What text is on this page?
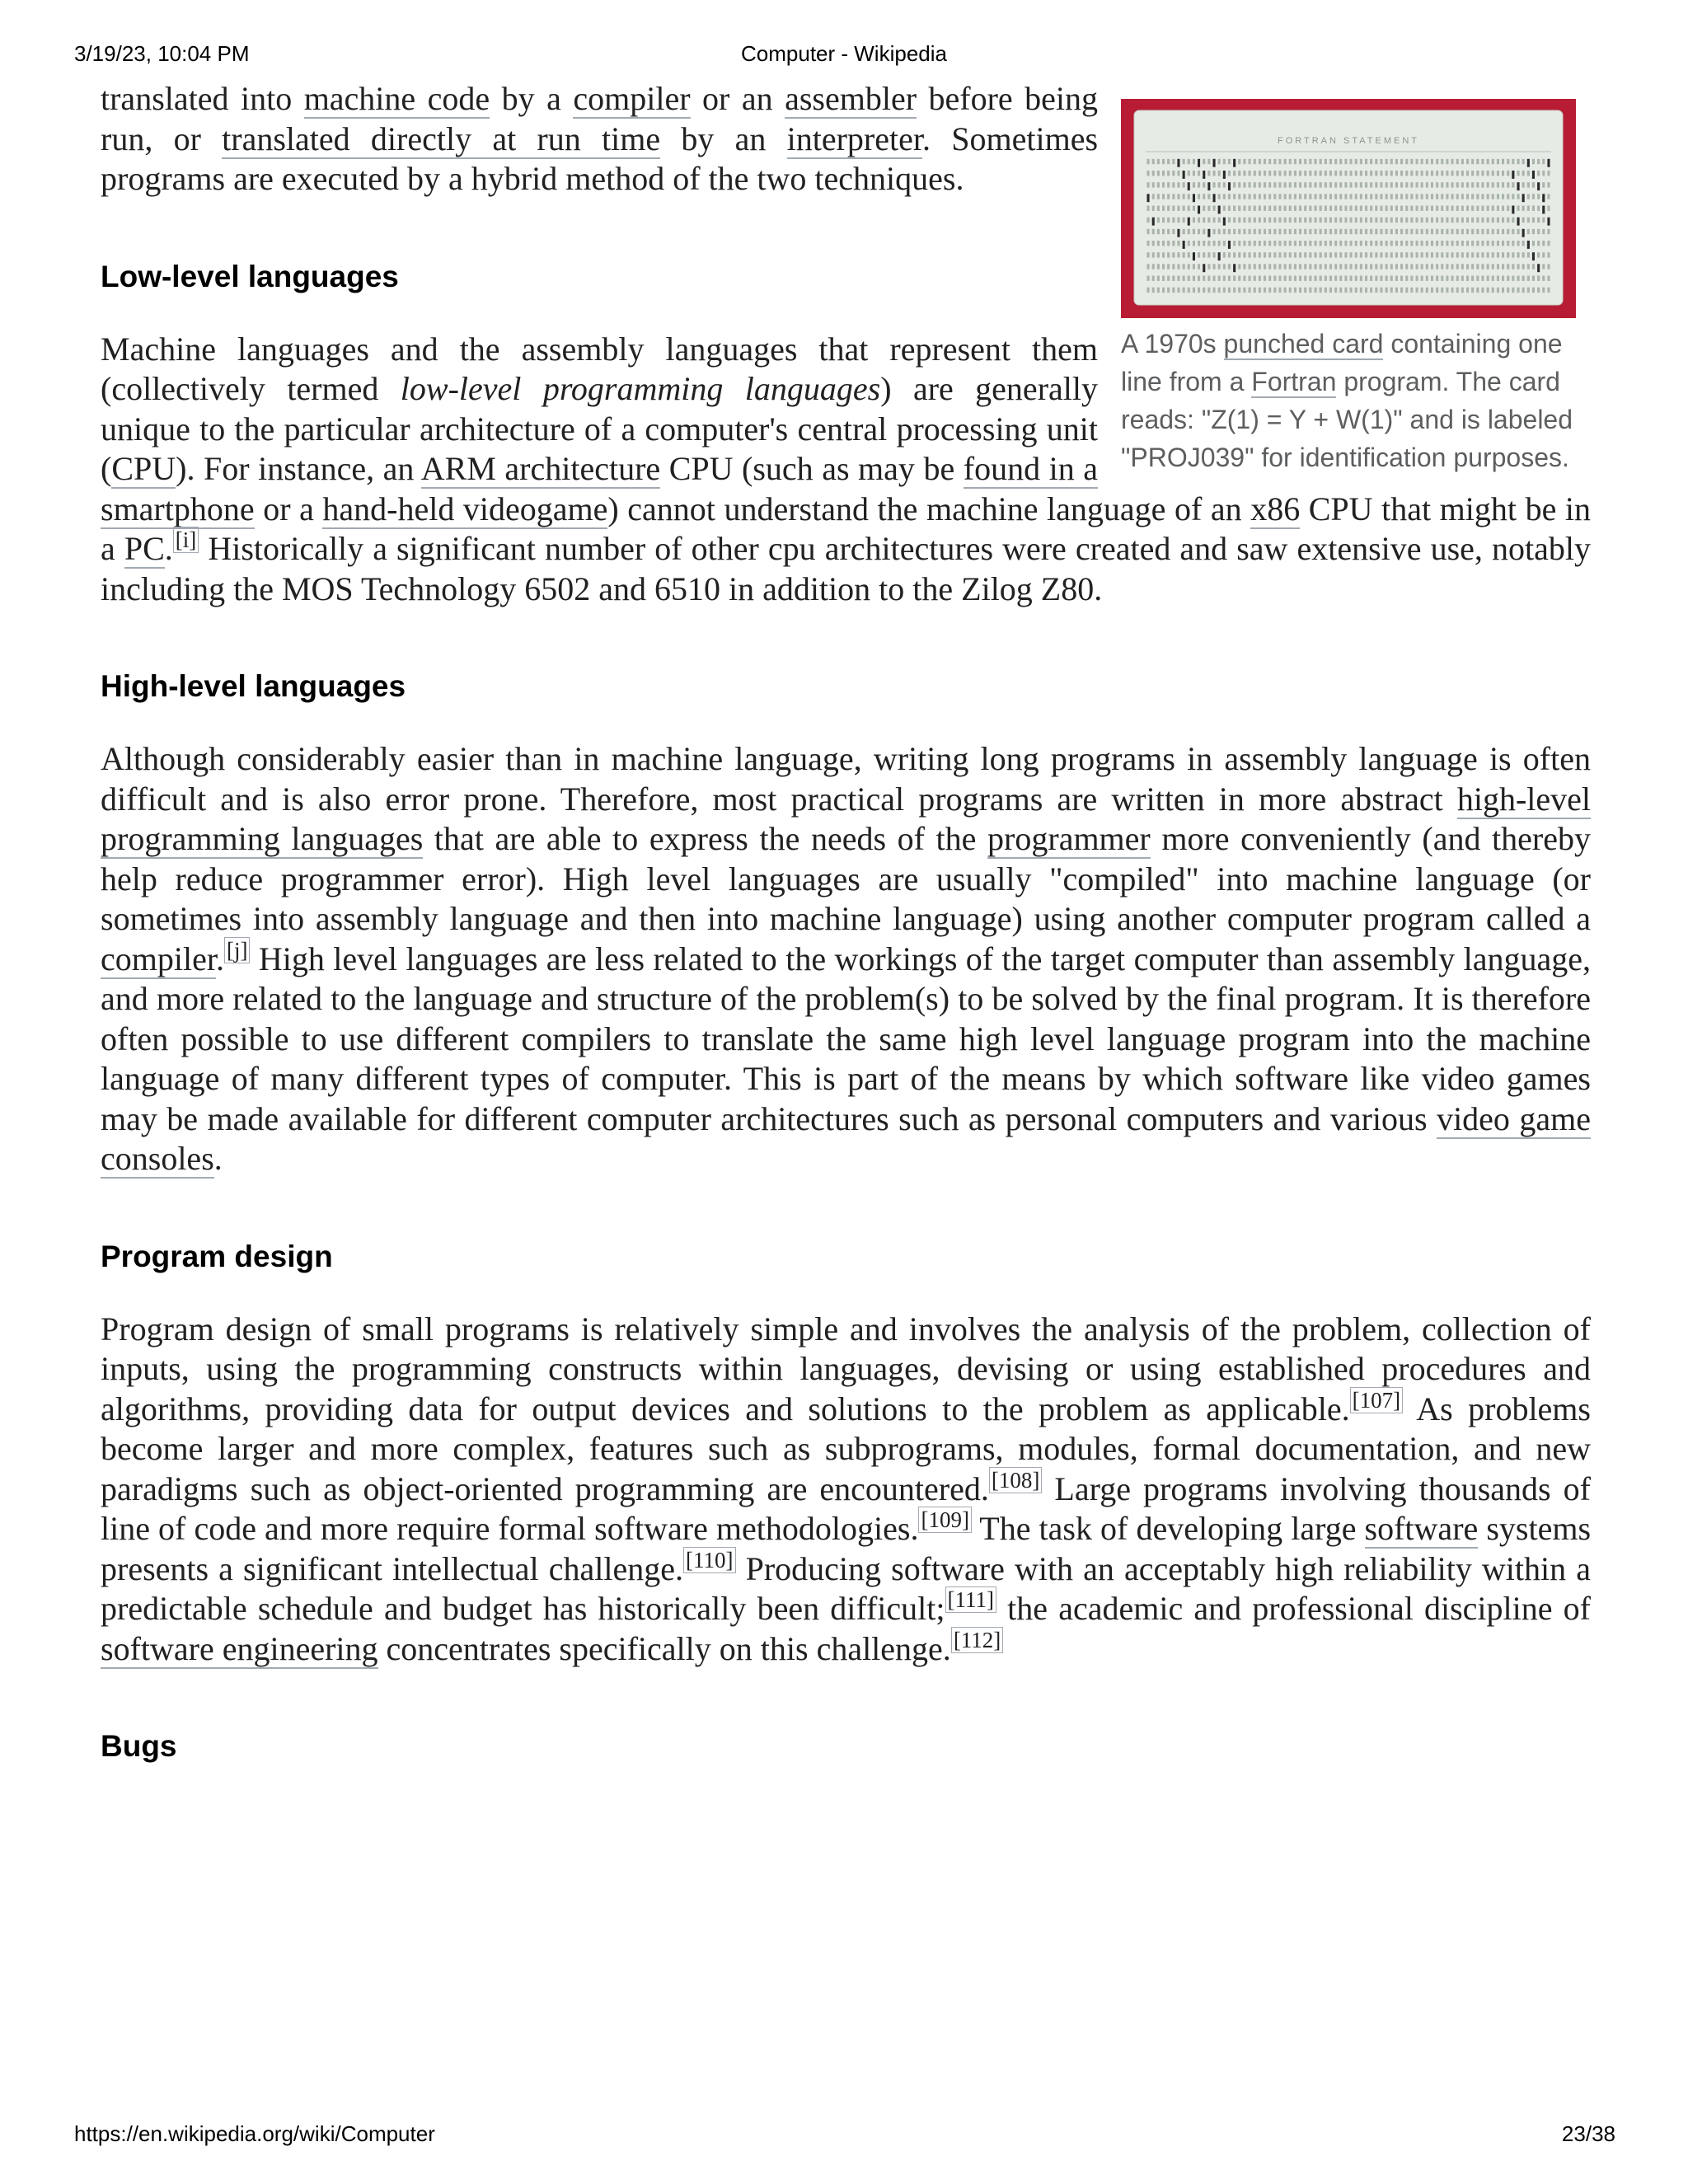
3/19/23, 10:04 PM	Computer - Wikipedia
FORTRAN STATEMENT
A 1970s punched card containing one line from a Fortran program. The card reads: "Z(1) = Y + W(1)" and is labeled "PROJ039" for identification purposes.

translated into machine code by a compiler or an assembler before being run, or translated directly at run time by an interpreter. Sometimes programs are executed by a hybrid method of the two techniques.

Low-level languages

Machine languages and the assembly languages that represent them (collectively termed low-level programming languages) are generally unique to the particular architecture of a computer's central processing unit (CPU). For instance, an ARM architecture CPU (such as may be found in a smartphone or a hand-held videogame) cannot understand the machine language of an x86 CPU that might be in a PC. [i] Historically a significant number of other cpu architectures were created and saw extensive use, notably including the MOS Technology 6502 and 6510 in addition to the Zilog Z80.

High-level languages

Although considerably easier than in machine language, writing long programs in assembly language is often difficult and is also error prone. Therefore, most practical programs are written in more abstract high-level programming languages that are able to express the needs of the programmer more conveniently (and thereby help reduce programmer error). High level languages are usually "compiled" into machine language (or sometimes into assembly language and then into machine language) using another computer program called a compiler. [j] High level languages are less related to the workings of the target computer than assembly language, and more related to the language and structure of the problem(s) to be solved by the final program. It is therefore often possible to use different compilers to translate the same high level language program into the machine language of many different types of computer. This is part of the means by which software like video games may be made available for different computer architectures such as personal computers and various video game consoles.

Program design

Program design of small programs is relatively simple and involves the analysis of the problem, collection of inputs, using the programming constructs within languages, devising or using established procedures and algorithms, providing data for output devices and solutions to the problem as applicable. [107] As problems become larger and more complex, features such as subprograms, modules, formal documentation, and new paradigms such as object-oriented programming are encountered. [108] Large programs involving thousands of line of code and more require formal software methodologies. [109] The task of developing large software systems presents a significant intellectual challenge. [110] Producing software with an acceptably high reliability within a predictable schedule and budget has historically been difficult; [111] the academic and professional discipline of software engineering concentrates specifically on this challenge. [112]

Bugs
https://en.wikipedia.org/wiki/Computer	23/38
